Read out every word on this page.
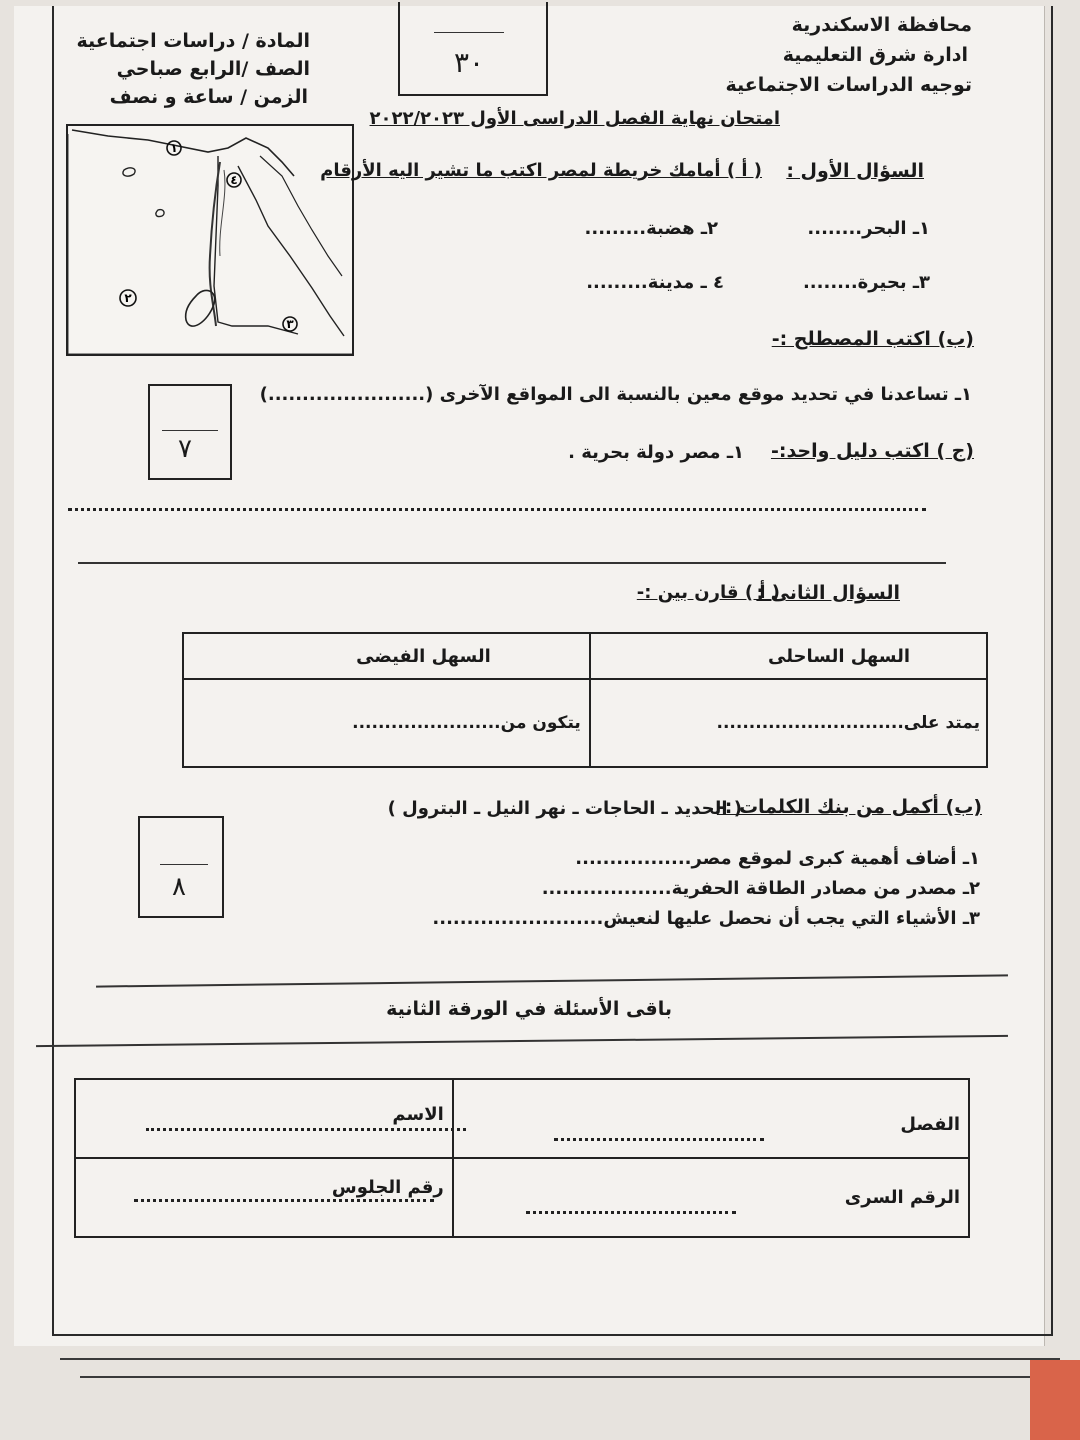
محافظة الاسكندرية
ادارة شرق التعليمية
توجيه الدراسات الاجتماعية
المادة / دراسات اجتماعية
الصف /الرابع صباحي
الزمن / ساعة و نصف
٣٠
امتحان نهاية الفصل الدراسى الأول ٢٠٢٢/٢٠٢٣
١
٤
٢
٣
السؤال الأول :
( أ ) أمامك خريطة لمصر اكتب ما تشير اليه الأرقام
١ـ البحر........
٢ـ هضبة.........
٣ـ بحيرة........
٤ ـ مدينة.........
(ب) اكتب المصطلح :-
١ـ تساعدنا في تحديد موقع معين بالنسبة الى المواقع الآخرى (.......................)
٧	(ج ) اكتب دليل واحد:-
١ـ مصر دولة بحرية .
السؤال الثانى :
( أ ) قارن بين :-
السهل الفيضى	السهل الساحلى
يتكون من.......................	يمتد على.............................
(ب) أكمل من بنك الكلمات :-
( الحديد ـ الحاجات ـ نهر النيل ـ البترول )
٨
١ـ أضاف أهمية كبرى لموقع مصر.................
٢ـ مصدر من مصادر الطاقة الحفرية...................
٣ـ الأشياء التي يجب أن نحصل عليها لنعيش.........................
باقى الأسئلة في الورقة الثانية
الاسم	الفصل

رقم الجلوس	الرقم السرى
